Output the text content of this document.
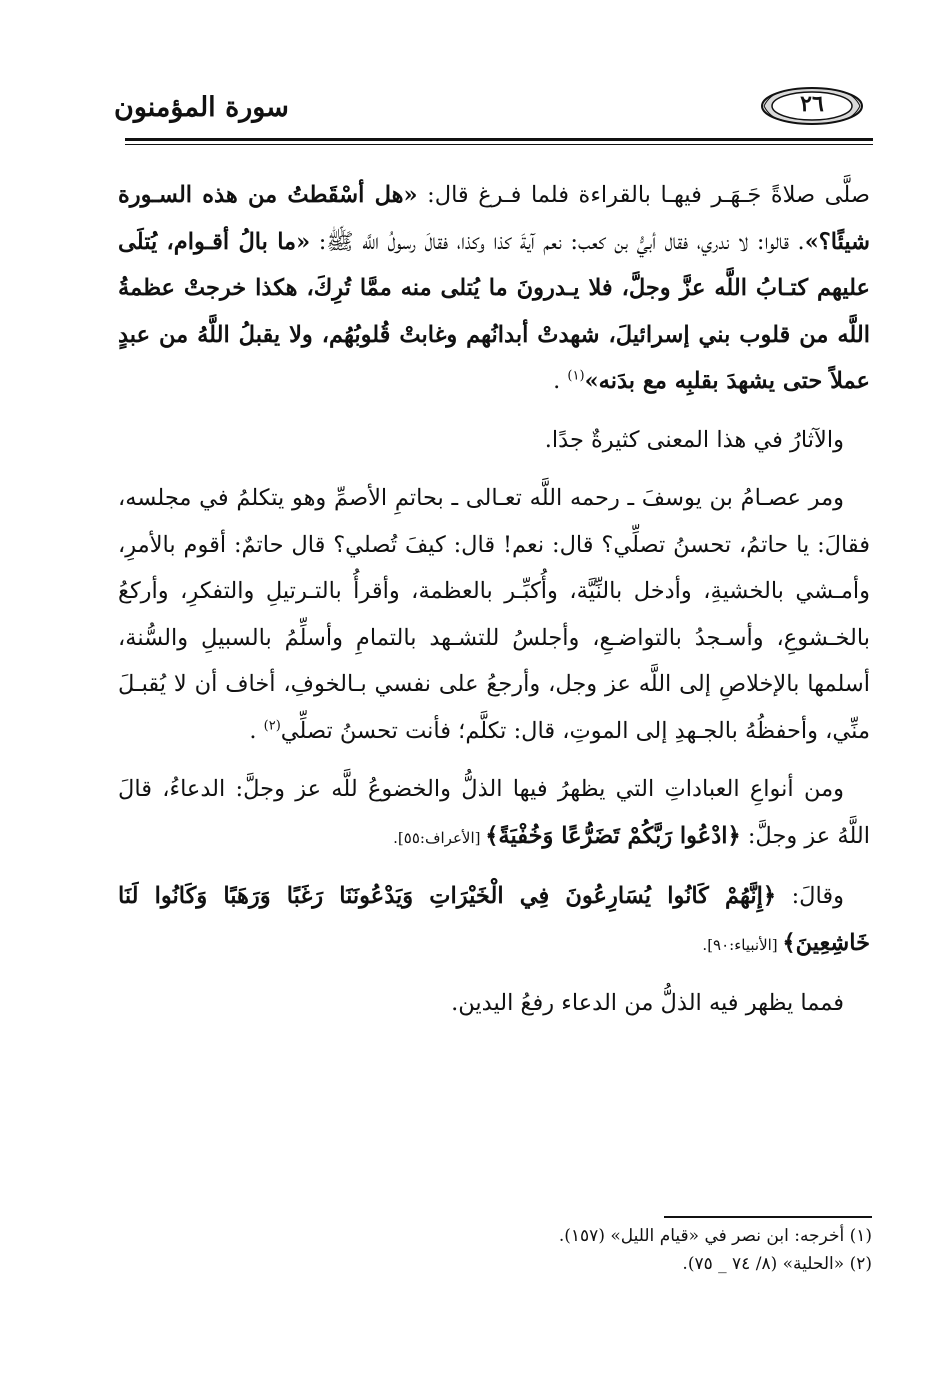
سورة المؤمنون	٢٦

صلَّى صلاةً جَـهَـر فيهـا بالقراءة فلما فـرغ قال: «هل أسْقَطتُ من هذه السـورة شيئًا؟». قالوا: لا ندري، فقال أبيُّ بن كعب: نعم آيةَ كذا وكذا، فقالَ رسولُ اللَّه ﷺ: «ما بالُ أقـوام، يُتلَى عليهم كتـابُ اللَّه عزَّ وجلَّ، فلا يـدرونَ ما يُتلى منه ممَّا تُرِكَ، هكذا خرجتْ عظمةُ اللَّه من قلوب بني إسرائيلَ، شهدتْ أبدانُهم وغابتْ قُلوبُهُم، ولا يقبلُ اللَّهُ من عبدٍ عملاً حتى يشهدَ بقلبِه مع بدَنه»$^{(١)}$ .

والآثارُ في هذا المعنى كثيرةٌ جدًا.

ومر عصـامُ بن يوسفَ ـ رحمه اللَّه تعـالى ـ بحاتمِ الأصمِّ وهو يتكلمُ في مجلسه، فقالَ: يا حاتمُ، تحسنُ تصلِّي؟ قال: نعم! قال: كيفَ تُصلي؟ قال حاتمٌ: أقوم بالأمرِ، وأمـشي بالخشيةِ، وأدخل بالنِّيَّة، وأُكبِّـر بالعظمة، وأقرأُ بالتـرتيلِ والتفكرِ، وأركعُ بالخـشوعِ، وأسـجدُ بالتواضـعِ، وأجلسُ للتشـهد بالتمامِ وأسلِّمُ بالسبيلِ والسُّنة، أسلمها بالإخلاصِ إلى اللَّه عز وجل، وأرجعُ على نفسي بـالخوفِ، أخاف أن لا يُقبـلَ منِّي، وأحفظُهُ بالجـهدِ إلى الموتِ، قال: تكلَّم؛ فأنت تحسنُ تصلِّي$^{(٢)}$ .

ومن أنواعِ العباداتِ التي يظهرُ فيها الذلُّ والخضوعُ للَّه عز وجلَّ: الدعاءُ، قالَ اللَّهُ عز وجلَّ: ﴿ادْعُوا رَبَّكُمْ تَضَرُّعًا وَخُفْيَةً﴾ [الأعراف:٥٥].

وقالَ: ﴿إِنَّهُمْ كَانُوا يُسَارِعُونَ فِي الْخَيْرَاتِ وَيَدْعُونَنَا رَغَبًا وَرَهَبًا وَكَانُوا لَنَا خَاشِعِينَ﴾ [الأنبياء:٩٠].

فمما يظهر فيه الذلُّ من الدعاء رفعُ اليدين.

(١) أخرجه: ابن نصر في «قيام الليل» (١٥٧).

(٢) «الحلية» (٨/ ٧٤ _ ٧٥).
